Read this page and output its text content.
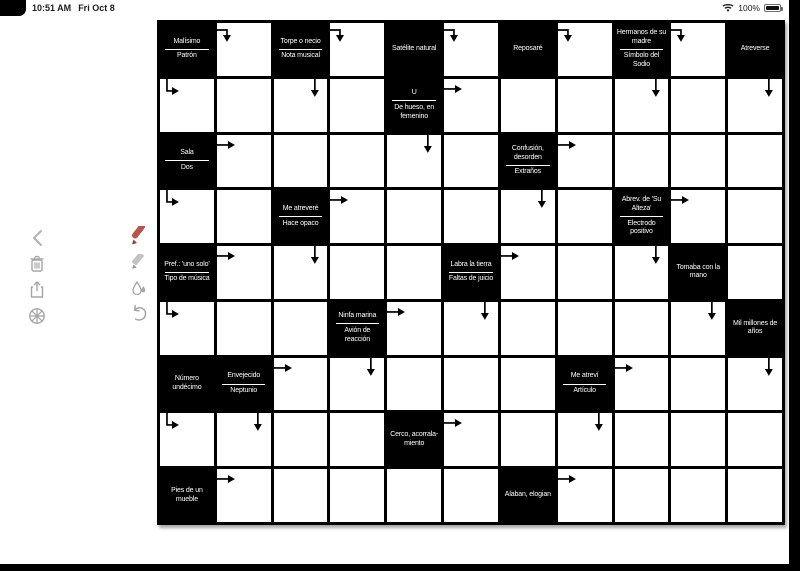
10:51 AM Fri Oct 8	100%
Malísimo
Patrón
Torpe o necio
Nota musical
Satélite natural	Reposaré
Hermanos de su madre
Símbolo del Sodio
Atreverse
U
De hueso, en femenino
Sala
Dos
Confusión, desorden
Extraños
Me atreveré
Hace opaco
Abrev. de 'Su Alteza'
Electrodo positivo
Pref.: 'uno solo'
Tipo de música
Labra la tierra
Faltas de juicio
Tomaba con la mano
Ninfa marina
Avión de reacción
Mil millones de años
Número undécimo
Envejecido
Neptunio
Me atreví
Artículo
Cerco, acorrala- miento
Pies de un mueble
Alaban, elogian
